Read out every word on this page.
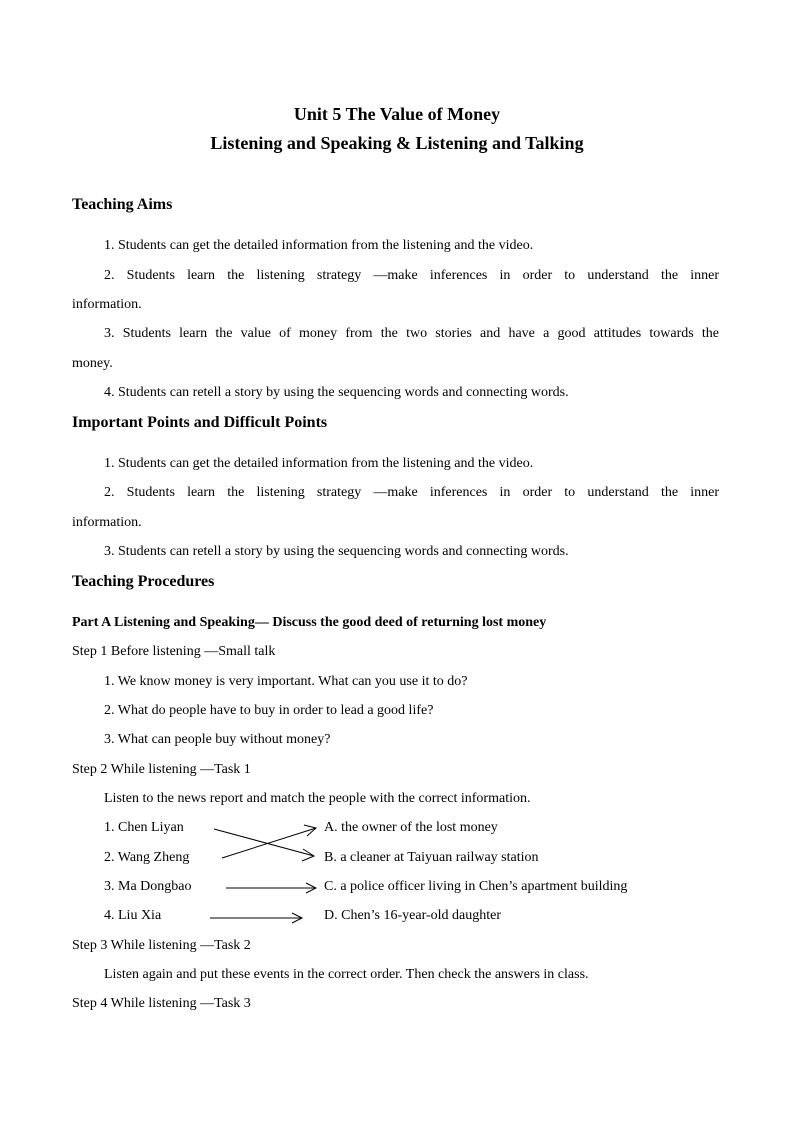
Unit 5 The Value of Money
Listening and Speaking & Listening and Talking
Teaching Aims
1. Students can get the detailed information from the listening and the video.
2. Students learn the listening strategy —make inferences in order to understand the inner
information.
3. Students learn the value of money from the two stories and have a good attitudes towards the
money.
4. Students can retell a story by using the sequencing words and connecting words.
Important Points and Difficult Points
1. Students can get the detailed information from the listening and the video.
2. Students learn the listening strategy —make inferences in order to understand the inner
information.
3. Students can retell a story by using the sequencing words and connecting words.
Teaching Procedures
Part A Listening and Speaking— Discuss the good deed of returning lost money
Step 1 Before listening —Small talk
1. We know money is very important. What can you use it to do?
2. What do people have to buy in order to lead a good life?
3. What can people buy without money?
Step 2 While listening —Task 1
Listen to the news report and match the people with the correct information.
1. Chen Liyan
2. Wang Zheng
3. Ma Dongbao
4. Liu Xia
A. the owner of the lost money
B. a cleaner at Taiyuan railway station
C. a police officer living in Chen’s apartment building
D. Chen’s 16-year-old daughter
Step 3 While listening —Task 2
Listen again and put these events in the correct order. Then check the answers in class.
Step 4 While listening —Task 3
